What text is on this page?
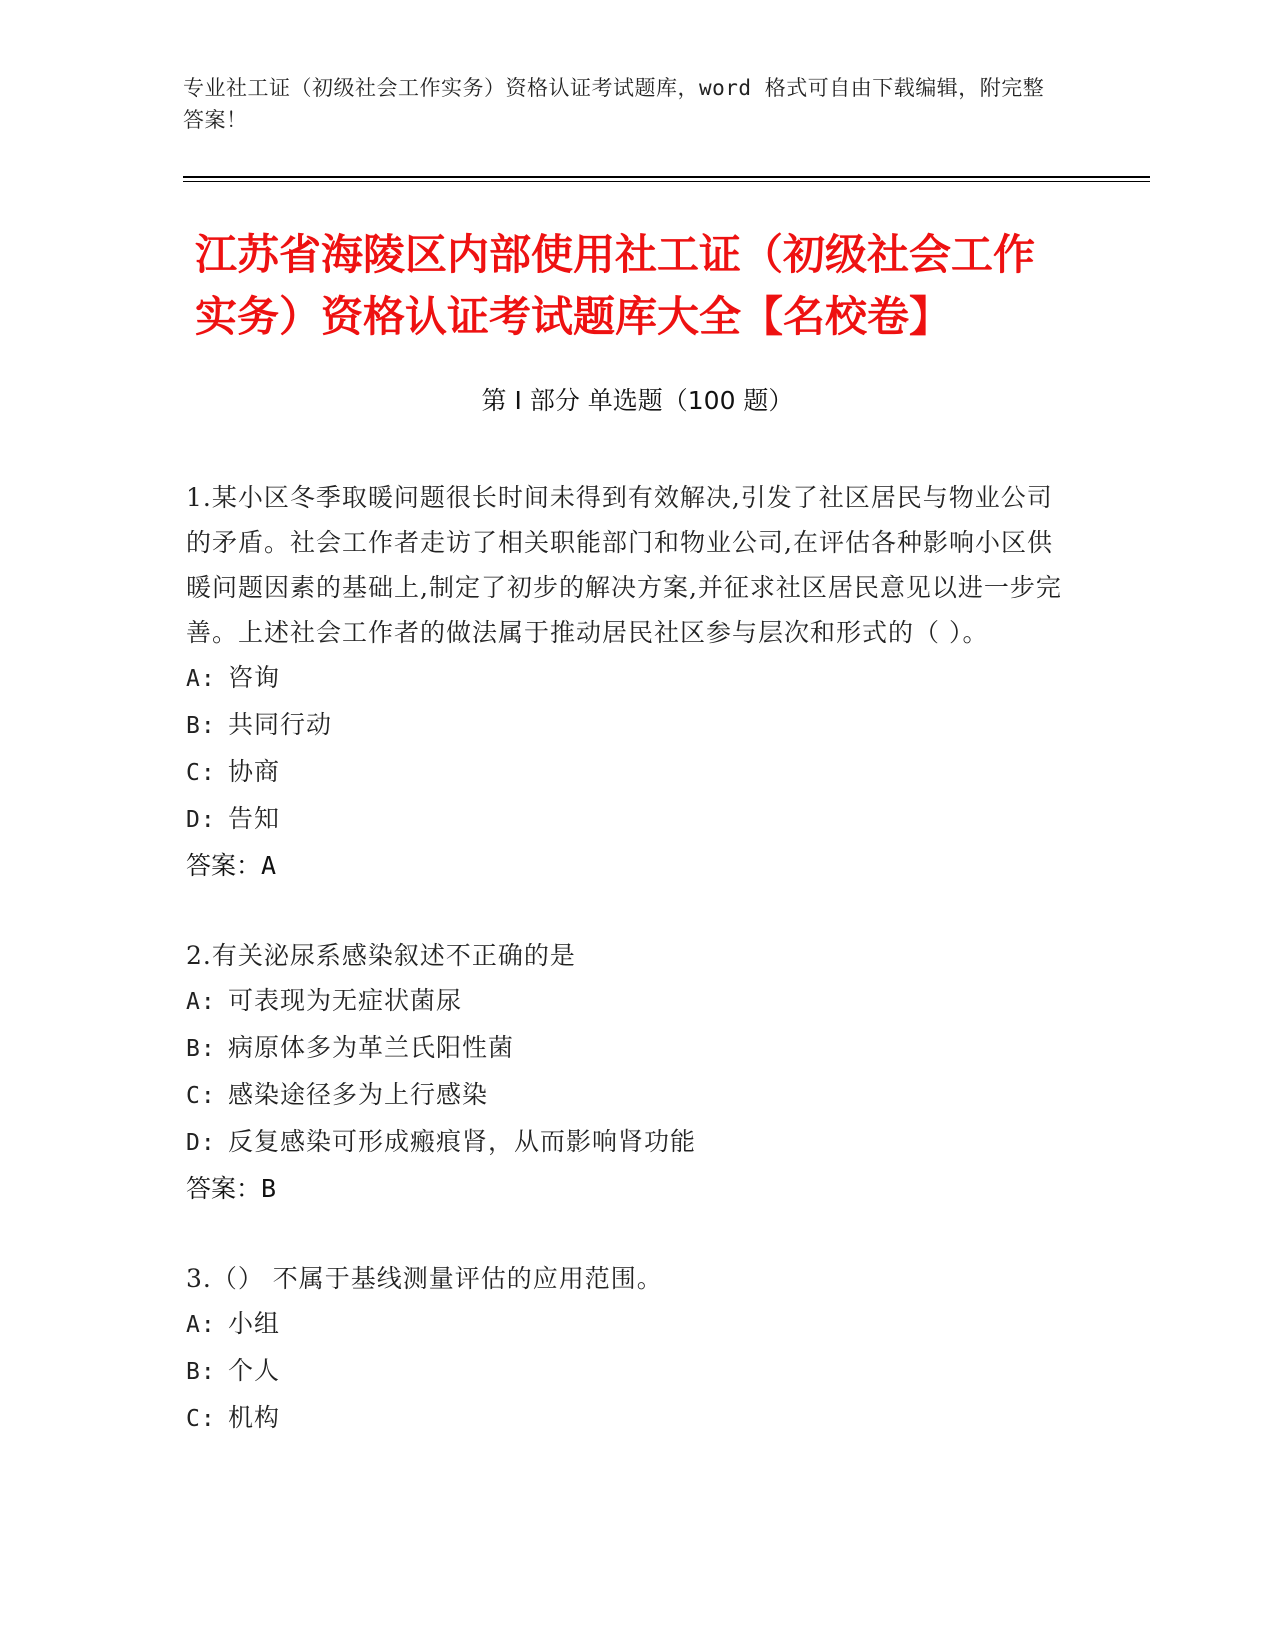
专业社工证（初级社会工作实务）资格认证考试题库，word 格式可自由下载编辑，附完整答案！
江苏省海陵区内部使用社工证（初级社会工作实务）资格认证考试题库大全【名校卷】
第 I 部分 单选题（100 题）
1.某小区冬季取暖问题很长时间未得到有效解决,引发了社区居民与物业公司的矛盾。社会工作者走访了相关职能部门和物业公司,在评估各种影响小区供暖问题因素的基础上,制定了初步的解决方案,并征求社区居民意见以进一步完善。上述社会工作者的做法属于推动居民社区参与层次和形式的（ ）。
A: 咨询
B: 共同行动
C: 协商
D: 告知
答案：A
2.有关泌尿系感染叙述不正确的是
A: 可表现为无症状菌尿
B: 病原体多为革兰氏阳性菌
C: 感染途径多为上行感染
D: 反复感染可形成瘢痕肾，从而影响肾功能
答案：B
3.（） 不属于基线测量评估的应用范围。
A: 小组
B: 个人
C: 机构
